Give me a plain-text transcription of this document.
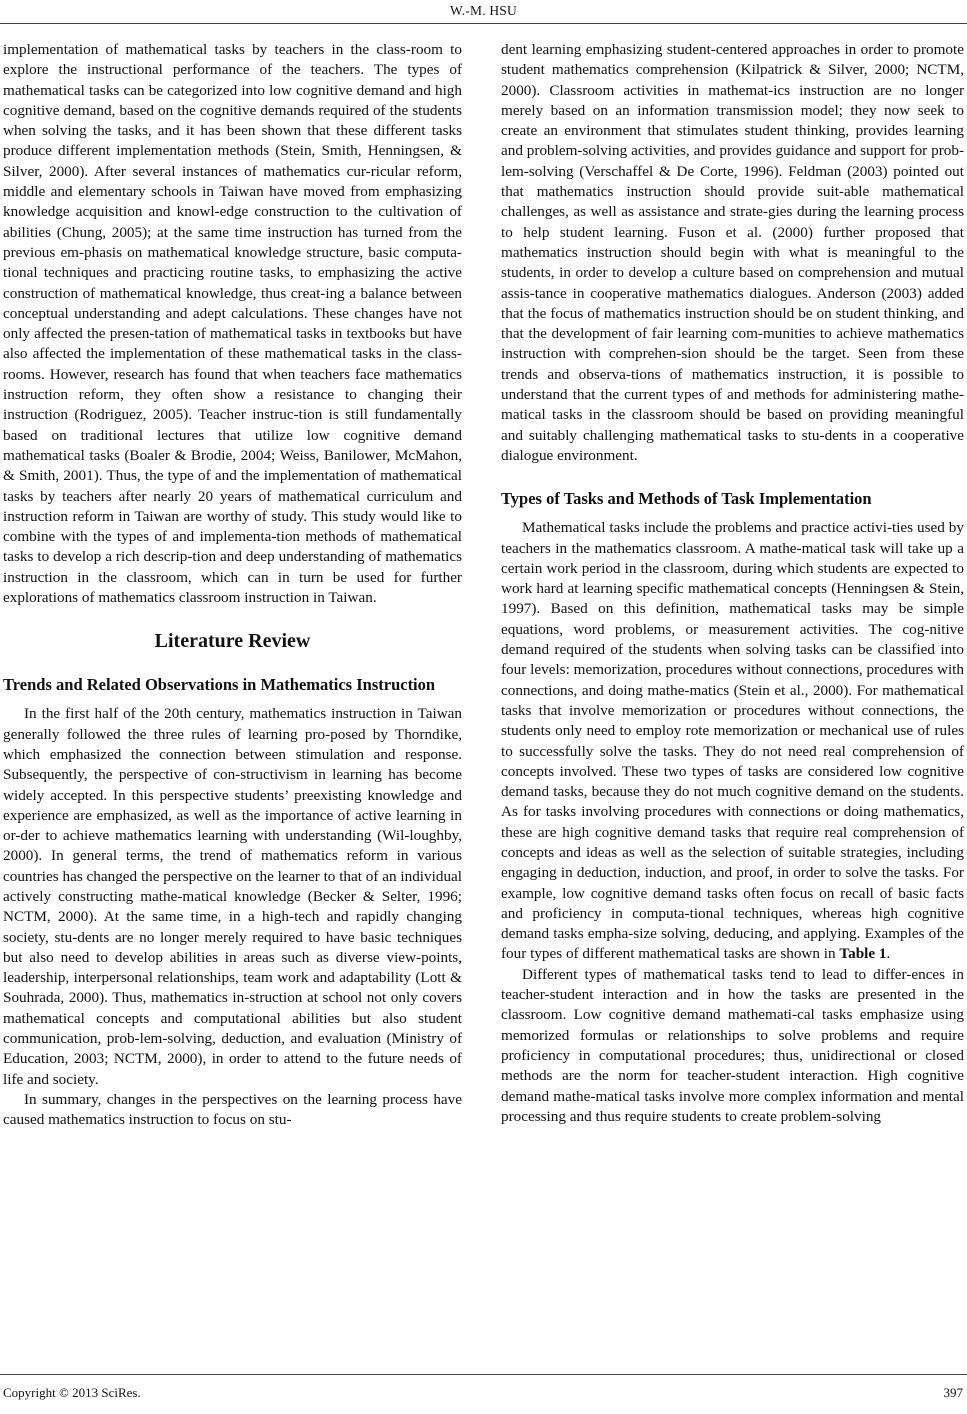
W.-M. HSU

implementation of mathematical tasks by teachers in the class-room to explore the instructional performance of the teachers. The types of mathematical tasks can be categorized into low cognitive demand and high cognitive demand, based on the cognitive demands required of the students when solving the tasks, and it has been shown that these different tasks produce different implementation methods (Stein, Smith, Henningsen, & Silver, 2000). After several instances of mathematics cur-ricular reform, middle and elementary schools in Taiwan have moved from emphasizing knowledge acquisition and knowl-edge construction to the cultivation of abilities (Chung, 2005); at the same time instruction has turned from the previous em-phasis on mathematical knowledge structure, basic computa-tional techniques and practicing routine tasks, to emphasizing the active construction of mathematical knowledge, thus creat-ing a balance between conceptual understanding and adept calculations. These changes have not only affected the presen-tation of mathematical tasks in textbooks but have also affected the implementation of these mathematical tasks in the class-rooms. However, research has found that when teachers face mathematics instruction reform, they often show a resistance to changing their instruction (Rodriguez, 2005). Teacher instruc-tion is still fundamentally based on traditional lectures that utilize low cognitive demand mathematical tasks (Boaler & Brodie, 2004; Weiss, Banilower, McMahon, & Smith, 2001). Thus, the type of and the implementation of mathematical tasks by teachers after nearly 20 years of mathematical curriculum and instruction reform in Taiwan are worthy of study. This study would like to combine with the types of and implementa-tion methods of mathematical tasks to develop a rich descrip-tion and deep understanding of mathematics instruction in the classroom, which can in turn be used for further explorations of mathematics classroom instruction in Taiwan.

Literature Review
Trends and Related Observations in Mathematics Instruction

In the first half of the 20th century, mathematics instruction in Taiwan generally followed the three rules of learning pro-posed by Thorndike, which emphasized the connection between stimulation and response. Subsequently, the perspective of con-structivism in learning has become widely accepted. In this perspective students’ preexisting knowledge and experience are emphasized, as well as the importance of active learning in or-der to achieve mathematics learning with understanding (Wil-loughby, 2000). In general terms, the trend of mathematics reform in various countries has changed the perspective on the learner to that of an individual actively constructing mathe-matical knowledge (Becker & Selter, 1996; NCTM, 2000). At the same time, in a high-tech and rapidly changing society, stu-dents are no longer merely required to have basic techniques but also need to develop abilities in areas such as diverse view-points, leadership, interpersonal relationships, team work and adaptability (Lott & Souhrada, 2000). Thus, mathematics in-struction at school not only covers mathematical concepts and computational abilities but also student communication, prob-lem-solving, deduction, and evaluation (Ministry of Education, 2003; NCTM, 2000), in order to attend to the future needs of life and society.

In summary, changes in the perspectives on the learning process have caused mathematics instruction to focus on stu-

dent learning emphasizing student-centered approaches in order to promote student mathematics comprehension (Kilpatrick & Silver, 2000; NCTM, 2000). Classroom activities in mathemat-ics instruction are no longer merely based on an information transmission model; they now seek to create an environment that stimulates student thinking, provides learning and problem-solving activities, and provides guidance and support for prob-lem-solving (Verschaffel & De Corte, 1996). Feldman (2003) pointed out that mathematics instruction should provide suit-able mathematical challenges, as well as assistance and strate-gies during the learning process to help student learning. Fuson et al. (2000) further proposed that mathematics instruction should begin with what is meaningful to the students, in order to develop a culture based on comprehension and mutual assis-tance in cooperative mathematics dialogues. Anderson (2003) added that the focus of mathematics instruction should be on student thinking, and that the development of fair learning com-munities to achieve mathematics instruction with comprehen-sion should be the target. Seen from these trends and observa-tions of mathematics instruction, it is possible to understand that the current types of and methods for administering mathe-matical tasks in the classroom should be based on providing meaningful and suitably challenging mathematical tasks to stu-dents in a cooperative dialogue environment.

Types of Tasks and Methods of Task Implementation

Mathematical tasks include the problems and practice activi-ties used by teachers in the mathematics classroom. A mathe-matical task will take up a certain work period in the classroom, during which students are expected to work hard at learning specific mathematical concepts (Henningsen & Stein, 1997). Based on this definition, mathematical tasks may be simple equations, word problems, or measurement activities. The cog-nitive demand required of the students when solving tasks can be classified into four levels: memorization, procedures without connections, procedures with connections, and doing mathe-matics (Stein et al., 2000). For mathematical tasks that involve memorization or procedures without connections, the students only need to employ rote memorization or mechanical use of rules to successfully solve the tasks. They do not need real comprehension of concepts involved. These two types of tasks are considered low cognitive demand tasks, because they do not much cognitive demand on the students. As for tasks involving procedures with connections or doing mathematics, these are high cognitive demand tasks that require real comprehension of concepts and ideas as well as the selection of suitable strategies, including engaging in deduction, induction, and proof, in order to solve the tasks. For example, low cognitive demand tasks often focus on recall of basic facts and proficiency in computa-tional techniques, whereas high cognitive demand tasks empha-size solving, deducing, and applying. Examples of the four types of different mathematical tasks are shown in Table 1.

Different types of mathematical tasks tend to lead to differ-ences in teacher-student interaction and in how the tasks are presented in the classroom. Low cognitive demand mathemati-cal tasks emphasize using memorized formulas or relationships to solve problems and require proficiency in computational procedures; thus, unidirectional or closed methods are the norm for teacher-student interaction. High cognitive demand mathe-matical tasks involve more complex information and mental processing and thus require students to create problem-solving

Copyright © 2013 SciRes.	397
